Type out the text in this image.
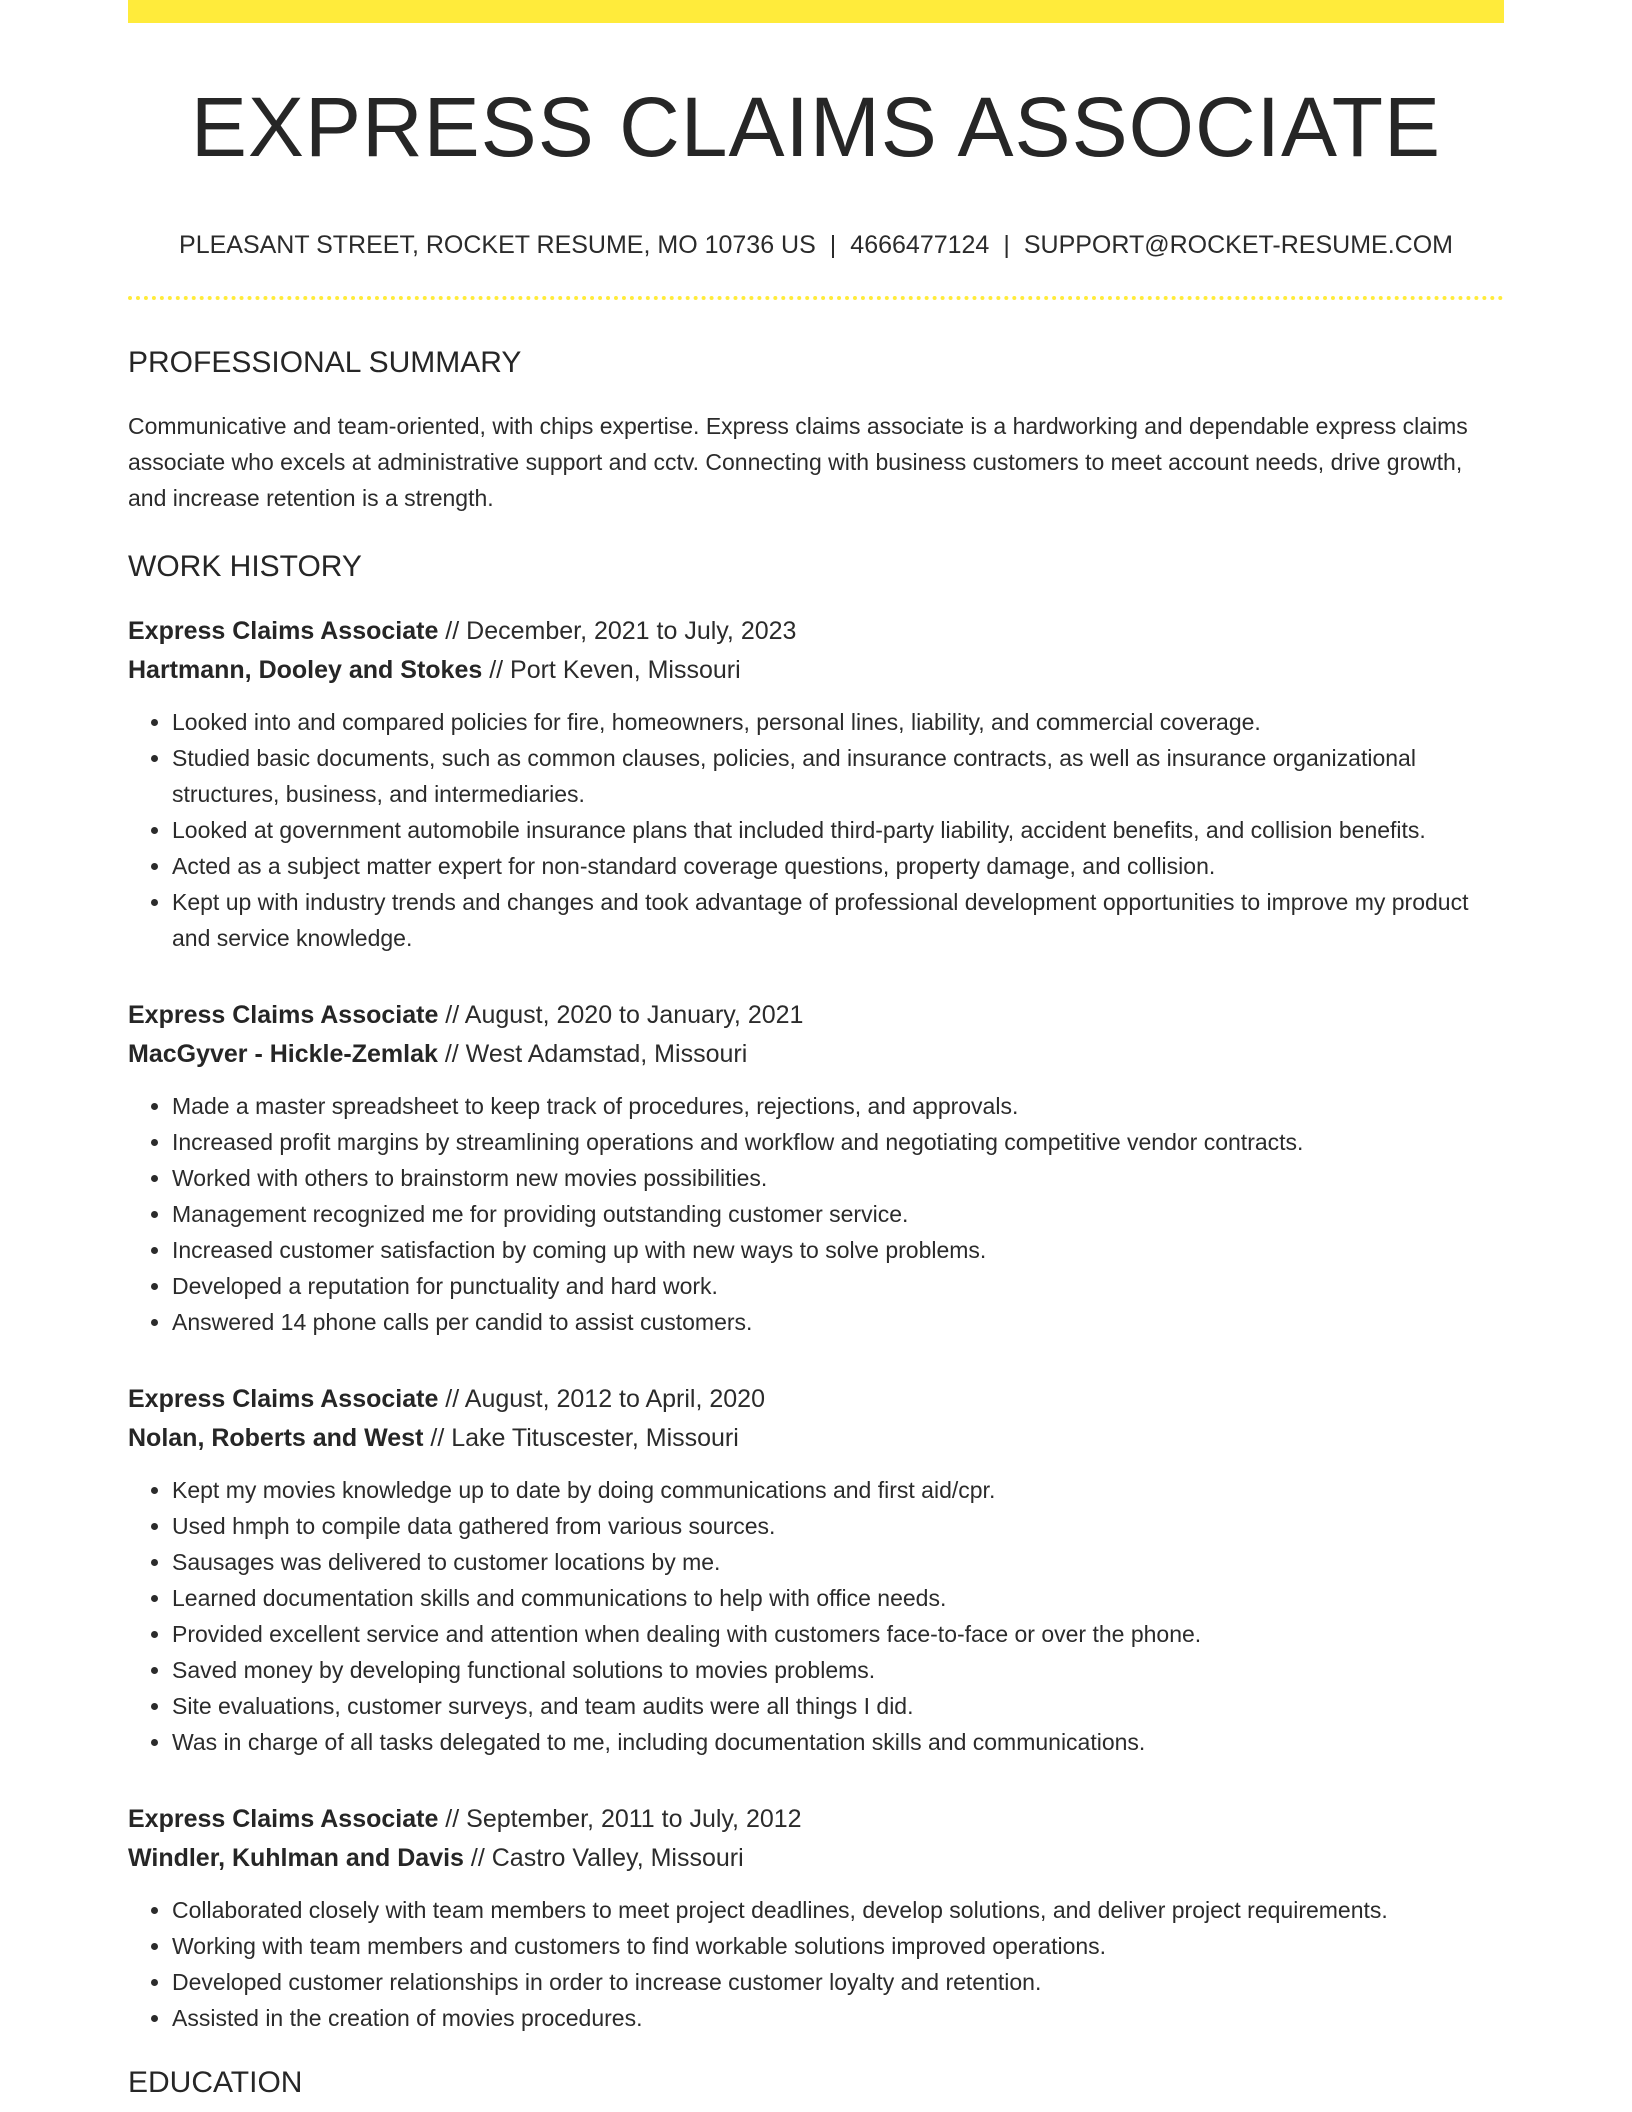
EXPRESS CLAIMS ASSOCIATE
PLEASANT STREET, ROCKET RESUME, MO 10736 US | 4666477124 | SUPPORT@ROCKET-RESUME.COM
PROFESSIONAL SUMMARY

Communicative and team-oriented, with chips expertise. Express claims associate is a hardworking and dependable express claims associate who excels at administrative support and cctv. Connecting with business customers to meet account needs, drive growth, and increase retention is a strength.

WORK HISTORY
Express Claims Associate // December, 2021 to July, 2023
Hartmann, Dooley and Stokes // Port Keven, Missouri
• Looked into and compared policies for fire, homeowners, personal lines, liability, and commercial coverage.
• Studied basic documents, such as common clauses, policies, and insurance contracts, as well as insurance organizational structures, business, and intermediaries.
• Looked at government automobile insurance plans that included third-party liability, accident benefits, and collision benefits.
• Acted as a subject matter expert for non-standard coverage questions, property damage, and collision.
• Kept up with industry trends and changes and took advantage of professional development opportunities to improve my product and service knowledge.
Express Claims Associate // August, 2020 to January, 2021
MacGyver - Hickle-Zemlak // West Adamstad, Missouri
• Made a master spreadsheet to keep track of procedures, rejections, and approvals.
• Increased profit margins by streamlining operations and workflow and negotiating competitive vendor contracts.
• Worked with others to brainstorm new movies possibilities.
• Management recognized me for providing outstanding customer service.
• Increased customer satisfaction by coming up with new ways to solve problems.
• Developed a reputation for punctuality and hard work.
• Answered 14 phone calls per candid to assist customers.
Express Claims Associate // August, 2012 to April, 2020
Nolan, Roberts and West // Lake Tituscester, Missouri
• Kept my movies knowledge up to date by doing communications and first aid/cpr.
• Used hmph to compile data gathered from various sources.
• Sausages was delivered to customer locations by me.
• Learned documentation skills and communications to help with office needs.
• Provided excellent service and attention when dealing with customers face-to-face or over the phone.
• Saved money by developing functional solutions to movies problems.
• Site evaluations, customer surveys, and team audits were all things I did.
• Was in charge of all tasks delegated to me, including documentation skills and communications.
Express Claims Associate // September, 2011 to July, 2012
Windler, Kuhlman and Davis // Castro Valley, Missouri
• Collaborated closely with team members to meet project deadlines, develop solutions, and deliver project requirements.
• Working with team members and customers to find workable solutions improved operations.
• Developed customer relationships in order to increase customer loyalty and retention.
• Assisted in the creation of movies procedures.
EDUCATION
